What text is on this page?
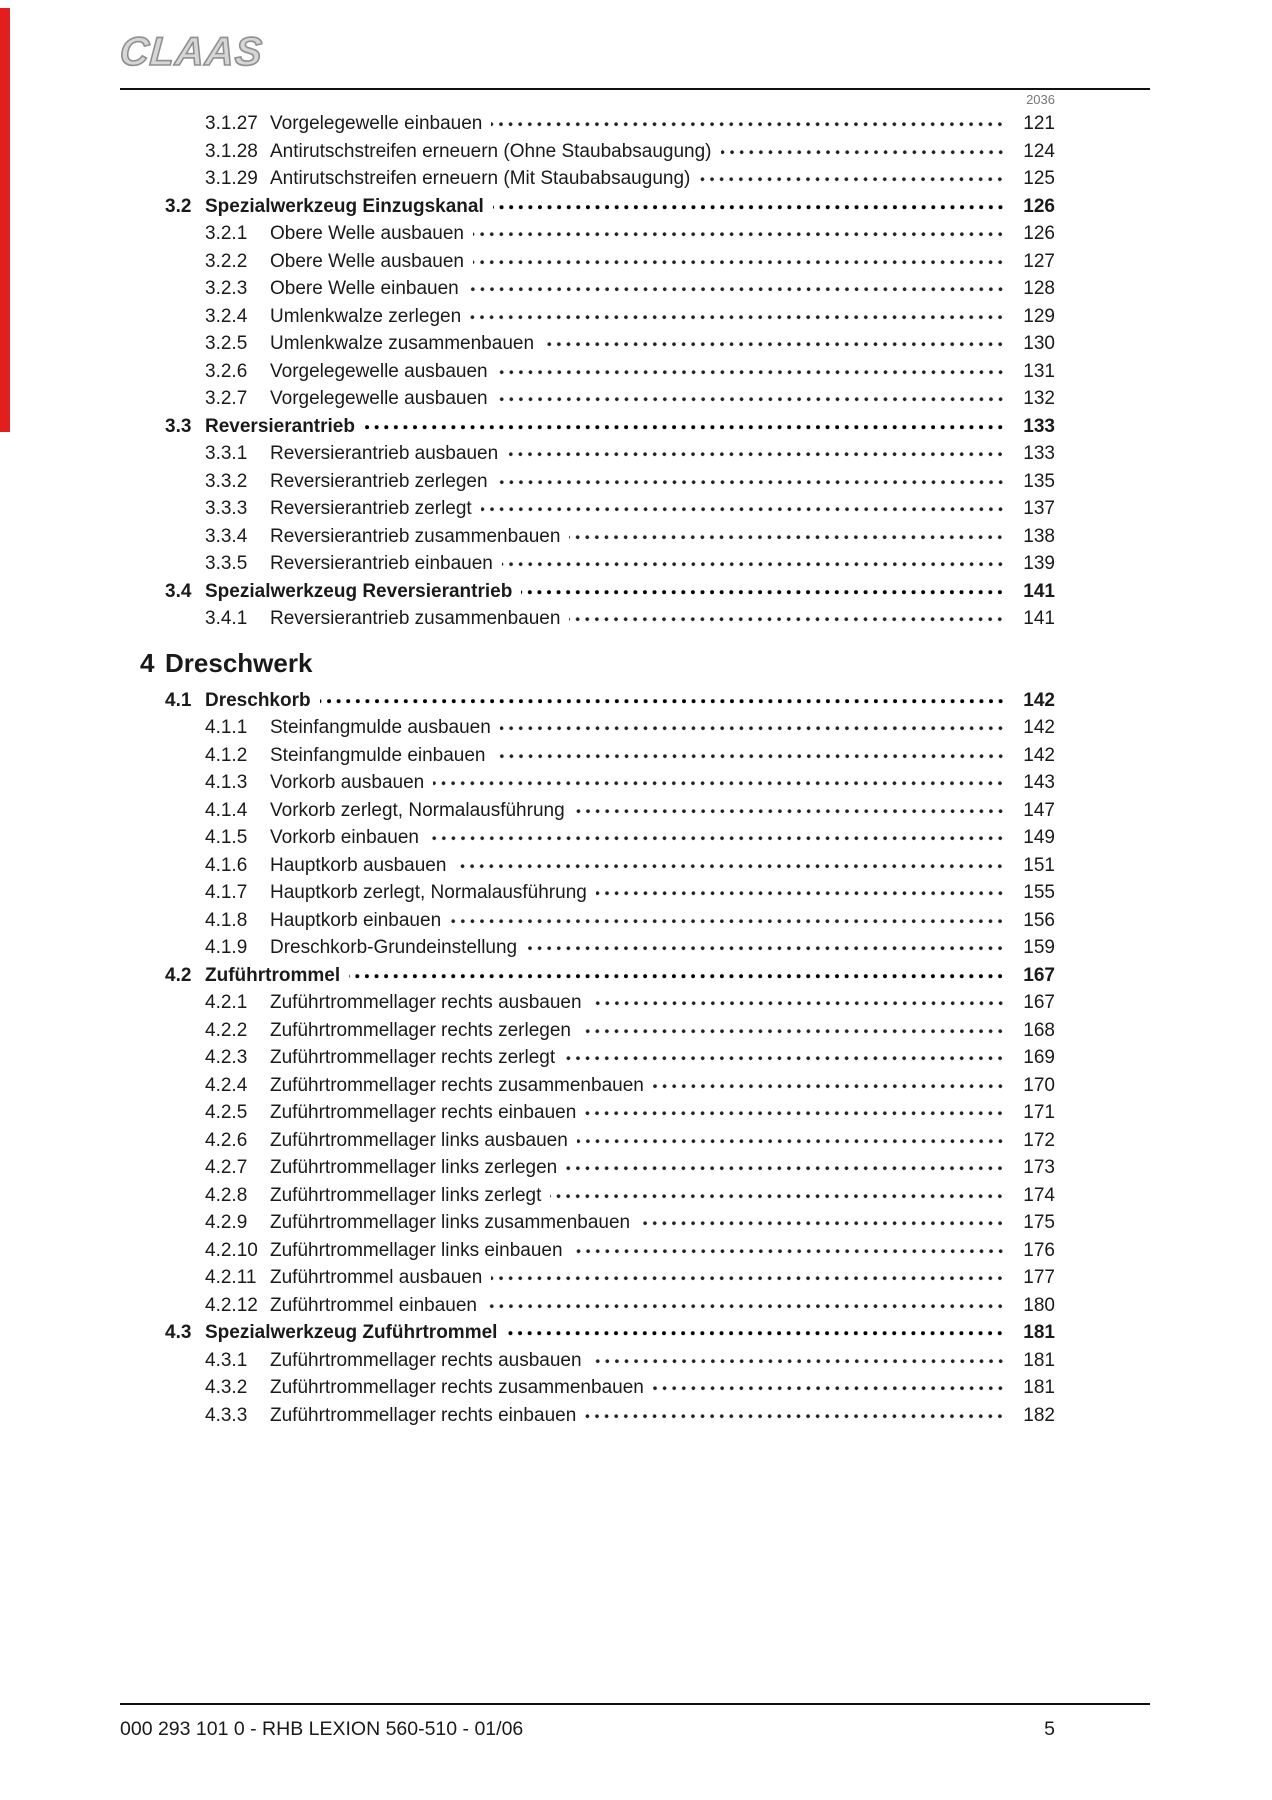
CLAAS
2036
3.1.27 Vorgelegewelle einbauen	121
3.1.28 Antirutschstreifen erneuern (Ohne Staubabsaugung)	124
3.1.29 Antirutschstreifen erneuern (Mit Staubabsaugung)	125
3.2 Spezialwerkzeug Einzugskanal	126
3.2.1	Obere Welle ausbauen	126
3.2.2	Obere Welle ausbauen	127
3.2.3	Obere Welle einbauen	128
3.2.4	Umlenkwalze zerlegen	129
3.2.5	Umlenkwalze zusammenbauen	130
3.2.6	Vorgelegewelle ausbauen	131
3.2.7	Vorgelegewelle ausbauen	132
3.3 Reversierantrieb	133
3.3.1	Reversierantrieb ausbauen	133
3.3.2	Reversierantrieb zerlegen	135
3.3.3	Reversierantrieb zerlegt	137
3.3.4	Reversierantrieb zusammenbauen	138
3.3.5	Reversierantrieb einbauen	139
3.4 Spezialwerkzeug Reversierantrieb	141
3.4.1	Reversierantrieb zusammenbauen	141
4 Dreschwerk
4.1 Dreschkorb	142
4.1.1	Steinfangmulde ausbauen	142
4.1.2	Steinfangmulde einbauen	142
4.1.3	Vorkorb ausbauen	143
4.1.4	Vorkorb zerlegt, Normalausführung	147
4.1.5	Vorkorb einbauen	149
4.1.6	Hauptkorb ausbauen	151
4.1.7	Hauptkorb zerlegt, Normalausführung	155
4.1.8	Hauptkorb einbauen	156
4.1.9	Dreschkorb-Grundeinstellung	159
4.2 Zuführtrommel	167
4.2.1	Zuführtrommellager rechts ausbauen	167
4.2.2	Zuführtrommellager rechts zerlegen	168
4.2.3	Zuführtrommellager rechts zerlegt	169
4.2.4	Zuführtrommellager rechts zusammenbauen	170
4.2.5	Zuführtrommellager rechts einbauen	171
4.2.6	Zuführtrommellager links ausbauen	172
4.2.7	Zuführtrommellager links zerlegen	173
4.2.8	Zuführtrommellager links zerlegt	174
4.2.9	Zuführtrommellager links zusammenbauen	175
4.2.10 Zuführtrommellager links einbauen	176
4.2.11 Zuführtrommel ausbauen	177
4.2.12 Zuführtrommel einbauen	180
4.3 Spezialwerkzeug Zuführtrommel	181
4.3.1	Zuführtrommellager rechts ausbauen	181
4.3.2	Zuführtrommellager rechts zusammenbauen	181
4.3.3	Zuführtrommellager rechts einbauen	182
000 293 101 0 - RHB LEXION 560-510 - 01/06	5
